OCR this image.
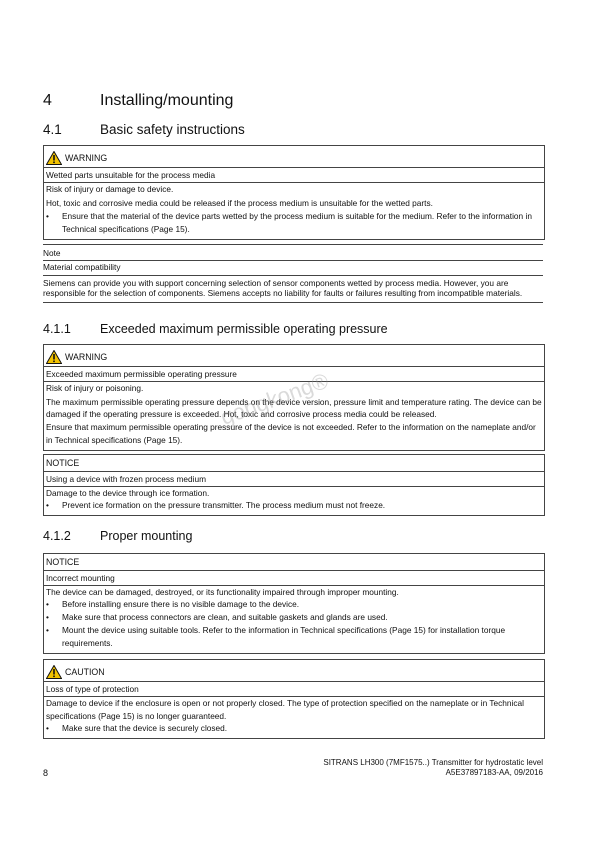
4	Installing/mounting
4.1	Basic safety instructions
WARNING
Wetted parts unsuitable for the process media
Risk of injury or damage to device.
Hot, toxic and corrosive media could be released if the process medium is unsuitable for the wetted parts.
•	Ensure that the material of the device parts wetted by the process medium is suitable for the medium. Refer to the information in Technical specifications (Page 15).
Note
Material compatibility
Siemens can provide you with support concerning selection of sensor components wetted by process media. However, you are responsible for the selection of components. Siemens accepts no liability for faults or failures resulting from incompatible materials.
4.1.1 Exceeded maximum permissible operating pressure
WARNING
Exceeded maximum permissible operating pressure
Risk of injury or poisoning.
The maximum permissible operating pressure depends on the device version, pressure limit and temperature rating. The device can be damaged if the operating pressure is exceeded. Hot, toxic and corrosive process media could be released.
Ensure that maximum permissible operating pressure of the device is not exceeded. Refer to the information on the nameplate and/or in Technical specifications (Page 15).
NOTICE
Using a device with frozen process medium
Damage to the device through ice formation.
•	Prevent ice formation on the pressure transmitter. The process medium must not freeze.
4.1.2 Proper mounting
NOTICE
Incorrect mounting
The device can be damaged, destroyed, or its functionality impaired through improper mounting.
•	Before installing ensure there is no visible damage to the device.
•	Make sure that process connectors are clean, and suitable gaskets and glands are used.
•	Mount the device using suitable tools. Refer to the information in Technical specifications (Page 15) for installation torque requirements.
CAUTION
Loss of type of protection
Damage to device if the enclosure is open or not properly closed. The type of protection specified on the nameplate or in Technical specifications (Page 15) is no longer guaranteed.
•	Make sure that the device is securely closed.
gongkong®
8
SITRANS LH300 (7MF1575..) Transmitter for hydrostatic level
A5E37897183-AA, 09/2016
